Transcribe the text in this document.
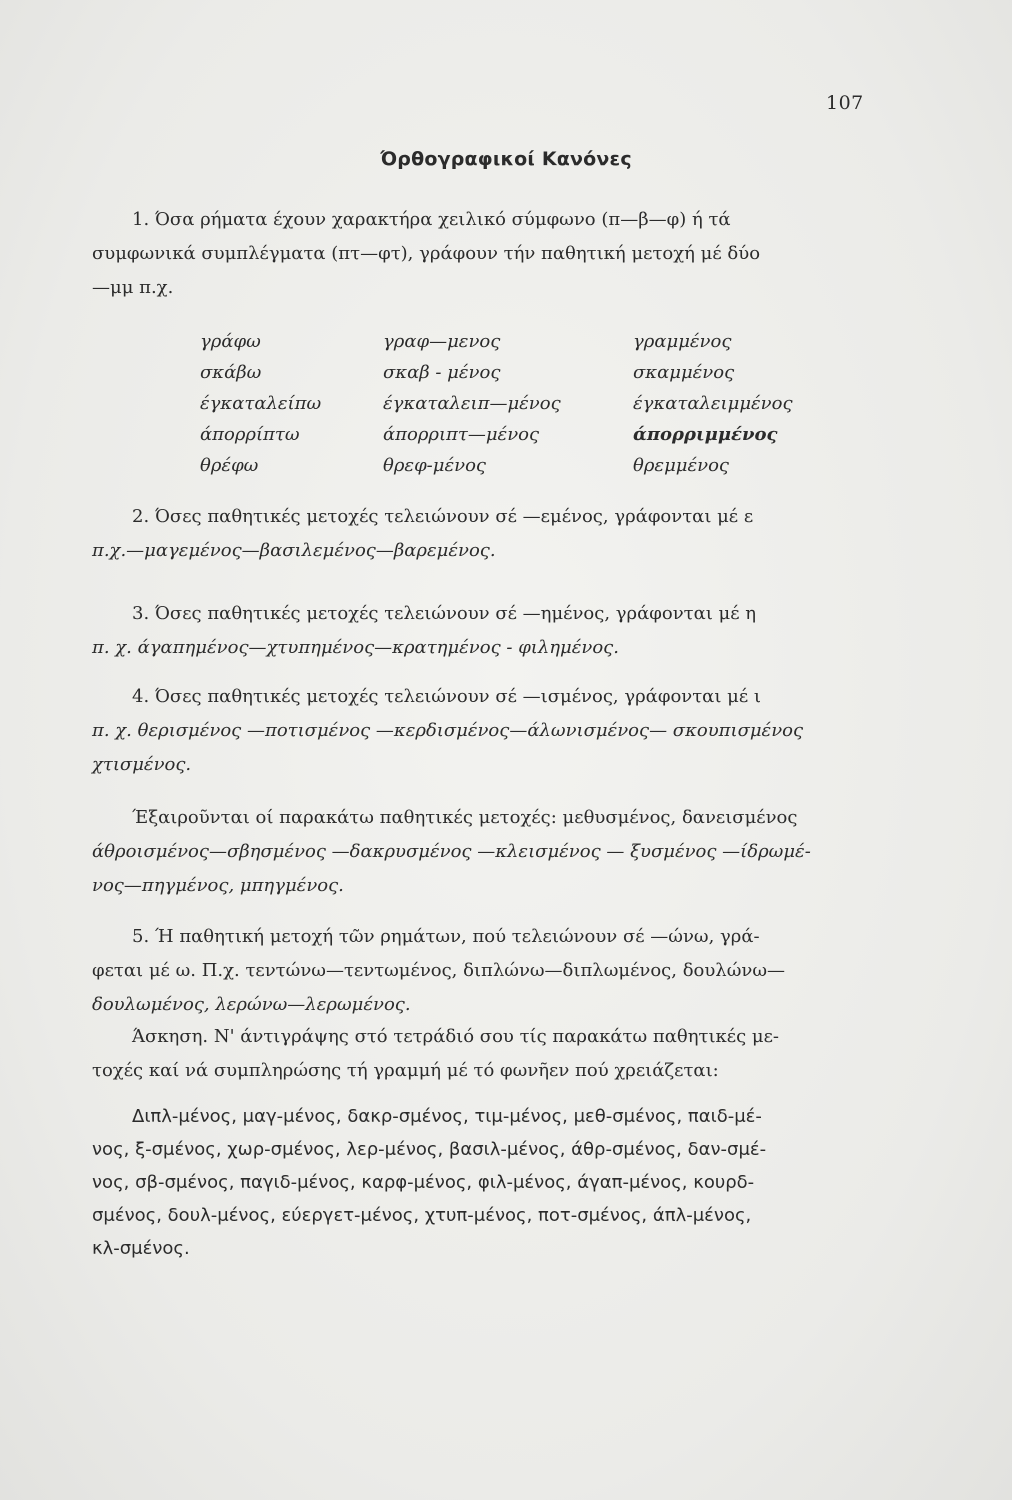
107
Όρθογραφικοί Κανόνες
1. Όσα ρήματα έχουν χαρακτήρα χειλικό σύμφωνο (π—β—φ) ή τά
συμφωνικά συμπλέγματα (πτ—φτ), γράφουν τήν παθητική μετοχή μέ δύο
—μμ π.χ.
γράφω	γραφ—μενος	γραμμένος
σκάβω	σκαβ - μένος	σκαμμένος
έγκαταλείπω	έγκαταλειπ—μένος	έγκαταλειμμένος
άπορρίπτω	άπορριπτ—μένος	άπορριμμένος
θρέφω	θρεφ-μένος	θρεμμένος
2. Όσες παθητικές μετοχές τελειώνουν σέ —εμένος, γράφονται μέ ε
π.χ.—μαγεμένος—βασιλεμένος—βαρεμένος.
3. Όσες παθητικές μετοχές τελειώνουν σέ —ημένος, γράφονται μέ η
π. χ. άγαπημένος—χτυπημένος—κρατημένος - φιλημένος.
4. Όσες παθητικές μετοχές τελειώνουν σέ —ισμένος, γράφονται μέ ι
π. χ. θερισμένος —ποτισμένος —κερδισμένος—άλωνισμένος— σκουπισμένος
χτισμένος.
Έξαιροῦνται οί παρακάτω παθητικές μετοχές: μεθυσμένος, δανεισμένος
άθροισμένος—σβησμένος —δακρυσμένος —κλεισμένος — ξυσμένος —ίδρωμέ-
νος—πηγμένος, μπηγμένος.
5. Ή παθητική μετοχή τῶν ρημάτων, πού τελειώνουν σέ —ώνω, γρά-
φεται μέ ω. Π.χ. τεντώνω—τεντωμένος, διπλώνω—διπλωμένος, δουλώνω—
δουλωμένος, λερώνω—λερωμένος.
Άσκηση. Ν' άντιγράψης στό τετράδιό σου τίς παρακάτω παθητικές με-
τοχές καί νά συμπληρώσης τή γραμμή μέ τό φωνῆεν πού χρειάζεται:
Διπλ-μένος, μαγ-μένος, δακρ-σμένος, τιμ-μένος, μεθ-σμένος, παιδ-μέ-
νος, ξ-σμένος, χωρ-σμένος, λερ-μένος, βασιλ-μένος, άθρ-σμένος, δαν-σμέ-
νος, σβ-σμένος, παγιδ-μένος, καρφ-μένος, φιλ-μένος, άγαπ-μένος, κουρδ-
σμένος, δουλ-μένος, εύεργετ-μένος, χτυπ-μένος, ποτ-σμένος, άπλ-μένος,
κλ-σμένος.
